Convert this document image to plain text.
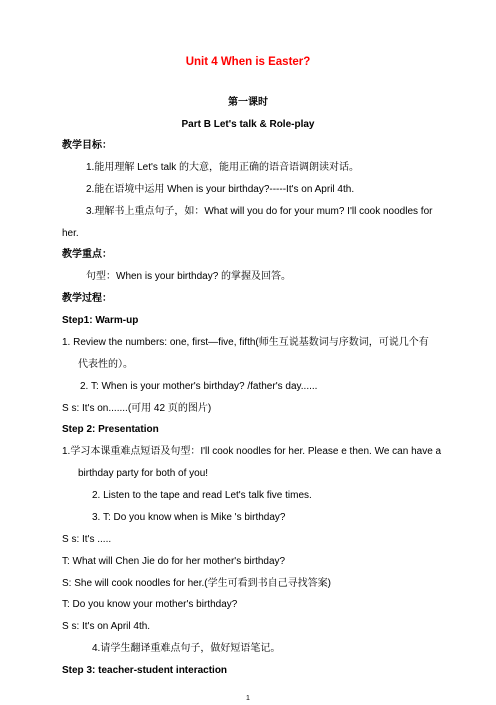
Unit 4 When is Easter?
第一课时
Part B Let's talk & Role-play
教学目标：
1.能用理解 Let's talk 的大意，能用正确的语音语调朗读对话。
2.能在语境中运用 When is your birthday?-----It's on April 4th.
3.理解书上重点句子，如：What will you do for your mum? I'll cook noodles for
her.
教学重点：
句型：When is your birthday? 的掌握及回答。
教学过程：
Step1: Warm-up
1. Review the numbers: one, first—five, fifth(师生互说基数词与序数词，可说几个有
代表性的）。
2. T: When is your mother's birthday? /father's day......
S s: It's on.......(可用 42 页的图片)
Step 2: Presentation
1.学习本课重难点短语及句型：I'll cook noodles for her. Please e then. We can have a
birthday party for both of you!
2. Listen to the tape and read Let's talk five times.
3. T: Do you know when is Mike 's birthday?
S s: It's .....
T: What will Chen Jie do for her mother's birthday?
S: She will cook noodles for her.(学生可看到书自己寻找答案)
T: Do you know your mother's birthday?
S s: It's on April 4th.
4.请学生翻译重难点句子，做好短语笔记。
Step 3: teacher-student interaction
1
